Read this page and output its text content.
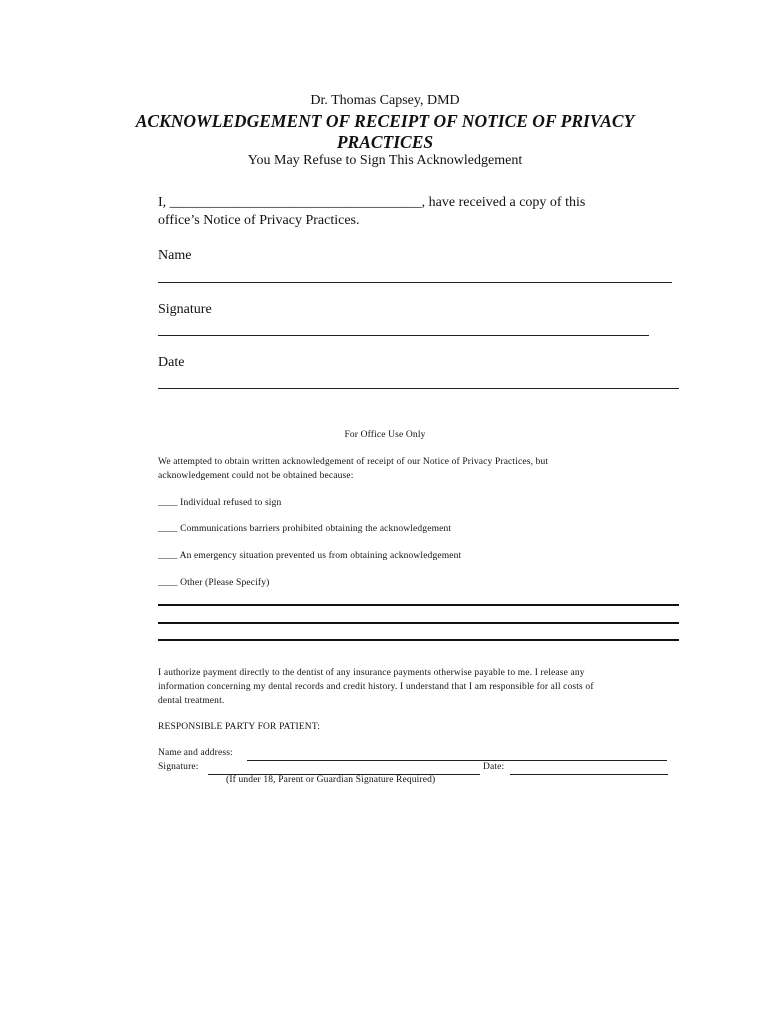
Dr. Thomas Capsey, DMD
ACKNOWLEDGEMENT OF RECEIPT OF NOTICE OF PRIVACY PRACTICES
You May Refuse to Sign This Acknowledgement
I, ____________________________________, have received a copy of this
office’s Notice of Privacy Practices.
Name
Signature
Date
For Office Use Only
We attempted to obtain written acknowledgement of receipt of our Notice of Privacy Practices, but
acknowledgement could not be obtained because:
____ Individual refused to sign
____ Communications barriers prohibited obtaining the acknowledgement
____ An emergency situation prevented us from obtaining acknowledgement
____ Other (Please Specify)
I authorize payment directly to the dentist of any insurance payments otherwise payable to me. I release any
information concerning my dental records and credit history. I understand that I am responsible for all costs of
dental treatment.
RESPONSIBLE PARTY FOR PATIENT:
Name and address:
Signature:	Date:
(If under 18, Parent or Guardian Signature Required)
